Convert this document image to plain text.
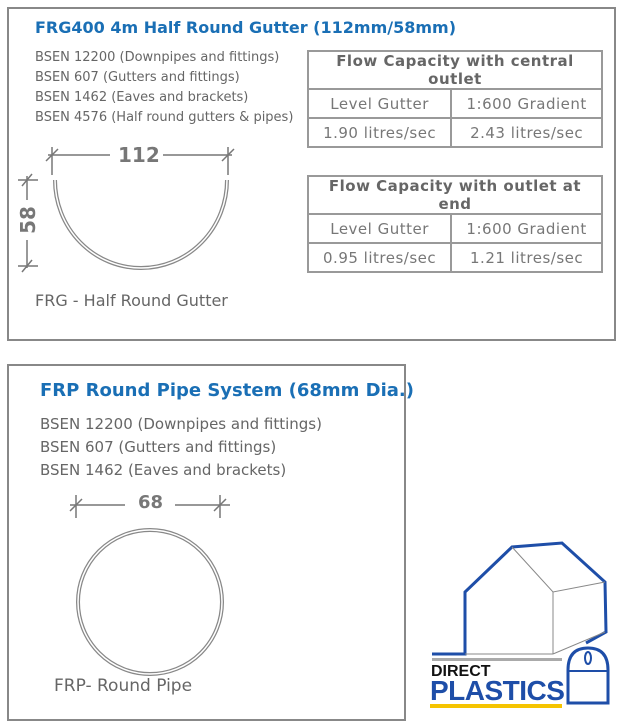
FRG400 4m Half Round Gutter (112mm/58mm)
BSEN 12200 (Downpipes and fittings)
BSEN 607 (Gutters and fittings)
BSEN 1462 (Eaves and brackets)
BSEN 4576 (Half round gutters & pipes)
112
58
FRG - Half Round Gutter
Flow Capacity with central outlet	
Level Gutter	1:600 Gradient
1.90 litres/sec	2.43 litres/sec
Flow Capacity with outlet at end	
Level Gutter	1:600 Gradient
0.95 litres/sec	1.21 litres/sec
FRP Round Pipe System (68mm Dia.)
BSEN 12200 (Downpipes and fittings)
BSEN 607 (Gutters and fittings)
BSEN 1462 (Eaves and brackets)
68
FRP- Round Pipe
DIRECT
PLASTICS
